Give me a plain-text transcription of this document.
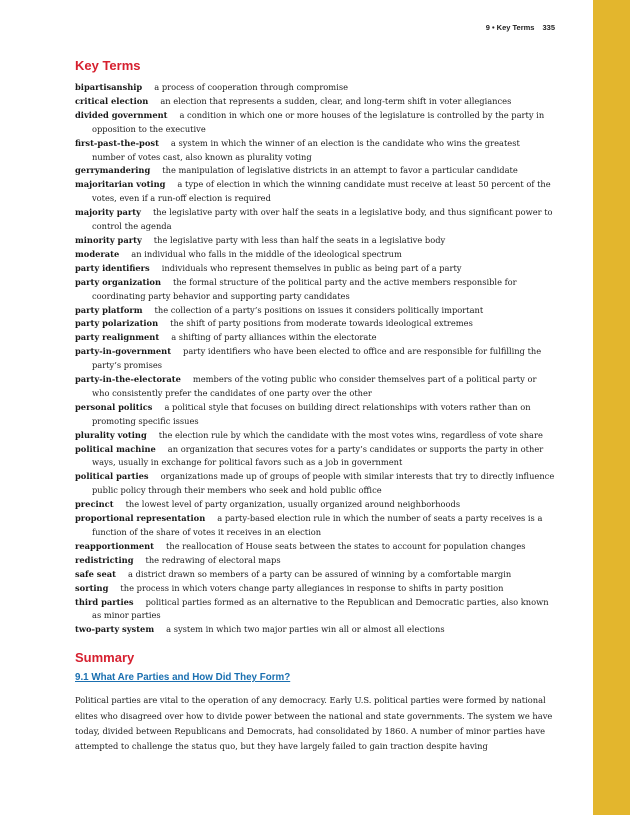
9 • Key Terms 335
Key Terms

bipartisanship a process of cooperation through compromise

critical election an election that represents a sudden, clear, and long-term shift in voter allegiances

divided government a condition in which one or more houses of the legislature is controlled by the party in opposition to the executive

first-past-the-post a system in which the winner of an election is the candidate who wins the greatest number of votes cast, also known as plurality voting

gerrymandering the manipulation of legislative districts in an attempt to favor a particular candidate

majoritarian voting a type of election in which the winning candidate must receive at least 50 percent of the votes, even if a run-off election is required

majority party the legislative party with over half the seats in a legislative body, and thus significant power to control the agenda

minority party the legislative party with less than half the seats in a legislative body

moderate an individual who falls in the middle of the ideological spectrum

party identifiers individuals who represent themselves in public as being part of a party

party organization the formal structure of the political party and the active members responsible for coordinating party behavior and supporting party candidates

party platform the collection of a party’s positions on issues it considers politically important

party polarization the shift of party positions from moderate towards ideological extremes

party realignment a shifting of party alliances within the electorate

party-in-government party identifiers who have been elected to office and are responsible for fulfilling the party’s promises

party-in-the-electorate members of the voting public who consider themselves part of a political party or who consistently prefer the candidates of one party over the other

personal politics a political style that focuses on building direct relationships with voters rather than on promoting specific issues

plurality voting the election rule by which the candidate with the most votes wins, regardless of vote share

political machine an organization that secures votes for a party’s candidates or supports the party in other ways, usually in exchange for political favors such as a job in government

political parties organizations made up of groups of people with similar interests that try to directly influence public policy through their members who seek and hold public office

precinct the lowest level of party organization, usually organized around neighborhoods

proportional representation a party-based election rule in which the number of seats a party receives is a function of the share of votes it receives in an election

reapportionment the reallocation of House seats between the states to account for population changes

redistricting the redrawing of electoral maps

safe seat a district drawn so members of a party can be assured of winning by a comfortable margin

sorting the process in which voters change party allegiances in response to shifts in party position

third parties political parties formed as an alternative to the Republican and Democratic parties, also known as minor parties

two-party system a system in which two major parties win all or almost all elections

Summary
9.1 What Are Parties and How Did They Form?

Political parties are vital to the operation of any democracy. Early U.S. political parties were formed by national elites who disagreed over how to divide power between the national and state governments. The system we have today, divided between Republicans and Democrats, had consolidated by 1860. A number of minor parties have attempted to challenge the status quo, but they have largely failed to gain traction despite having
